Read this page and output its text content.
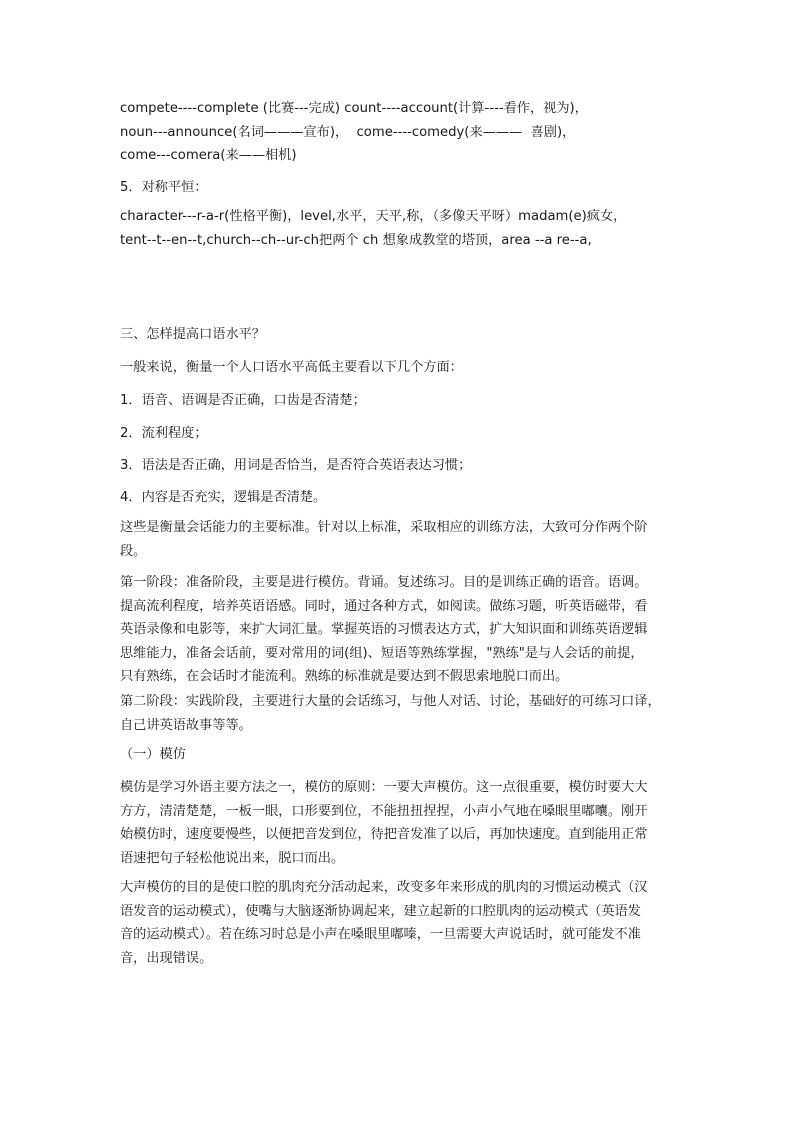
compete----complete (比赛---完成) count----account(计算----看作，视为)，
noun---announce(名词———宣布)，  come----comedy(来———  喜剧)，
come---comera(来——相机)
5．对称平恒：
character---r-a-r(性格平衡)，level,水平，天平,称，（多像天平呀）madam(e)疯女，
tent--t--en--t,church--ch--ur-ch把两个 ch 想象成教堂的塔顶，area --a re--a,
三、怎样提高口语水平？
一般来说，衡量一个人口语水平高低主要看以下几个方面：
1．语音、语调是否正确，口齿是否清楚；
2．流利程度；
3．语法是否正确，用词是否恰当，是否符合英语表达习惯；
4．内容是否充实，逻辑是否清楚。
这些是衡量会话能力的主要标准。针对以上标准，采取相应的训练方法，大致可分作两个阶
段。
第一阶段：准备阶段，主要是进行模仿。背诵。复述练习。目的是训练正确的语音。语调。
提高流利程度，培养英语语感。同时，通过各种方式，如阅读。做练习题，听英语磁带，看
英语录像和电影等，来扩大词汇量。掌握英语的习惯表达方式，扩大知识面和训练英语逻辑
思维能力，准备会话前，要对常用的词(组)、短语等熟练掌握，"熟练"是与人会话的前提，
只有熟练，在会话时才能流利。熟练的标准就是要达到不假思索地脱口而出。
第二阶段：实践阶段，主要进行大量的会话练习，与他人对话、讨论，基础好的可练习口译，
自己讲英语故事等等。
（一）模仿
模仿是学习外语主要方法之一，模仿的原则：一要大声模仿。这一点很重要，模仿时要大大
方方，清清楚楚，一板一眼，口形要到位，不能扭扭捏捏，小声小气地在嗓眼里嘟囔。刚开
始模仿时，速度要慢些，以便把音发到位，待把音发准了以后，再加快速度。直到能用正常
语速把句子轻松他说出来，脱口而出。
大声模仿的目的是使口腔的肌肉充分活动起来，改变多年来形成的肌肉的习惯运动模式（汉
语发音的运动模式），使嘴与大脑逐渐协调起来，建立起新的口腔肌肉的运动模式（英语发
音的运动模式）。若在练习时总是小声在嗓眼里嘟嗪，一旦需要大声说话时，就可能发不准
音，出现错误。
